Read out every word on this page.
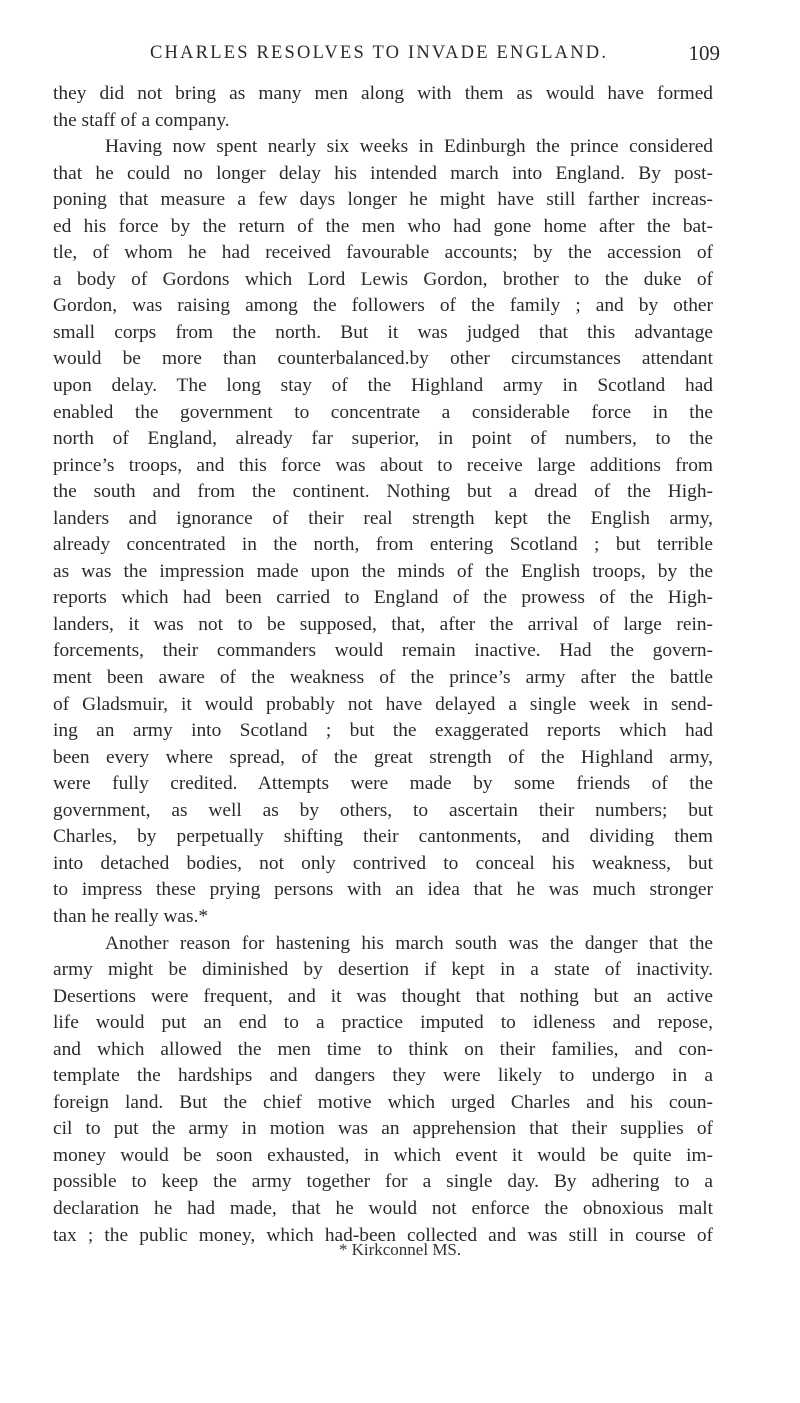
CHARLES RESOLVES TO INVADE ENGLAND.	109
they did not bring as many men along with them as would have formed
the staff of a company.
Having now spent nearly six weeks in Edinburgh the prince considered
that he could no longer delay his intended march into England. By post-
poning that measure a few days longer he might have still farther increas-
ed his force by the return of the men who had gone home after the bat-
tle, of whom he had received favourable accounts; by the accession of
a body of Gordons which Lord Lewis Gordon, brother to the duke of
Gordon, was raising among the followers of the family ; and by other
small corps from the north. But it was judged that this advantage
would be more than counterbalanced.by other circumstances attendant
upon delay. The long stay of the Highland army in Scotland had
enabled the government to concentrate a considerable force in the
north of England, already far superior, in point of numbers, to the
prince’s troops, and this force was about to receive large additions from
the south and from the continent. Nothing but a dread of the High-
landers and ignorance of their real strength kept the English army,
already concentrated in the north, from entering Scotland ; but terrible
as was the impression made upon the minds of the English troops, by the
reports which had been carried to England of the prowess of the High-
landers, it was not to be supposed, that, after the arrival of large rein-
forcements, their commanders would remain inactive. Had the govern-
ment been aware of the weakness of the prince’s army after the battle
of Gladsmuir, it would probably not have delayed a single week in send-
ing an army into Scotland ; but the exaggerated reports which had
been every where spread, of the great strength of the Highland army,
were fully credited. Attempts were made by some friends of the
government, as well as by others, to ascertain their numbers; but
Charles, by perpetually shifting their cantonments, and dividing them
into detached bodies, not only contrived to conceal his weakness, but
to impress these prying persons with an idea that he was much stronger
than he really was.*
Another reason for hastening his march south was the danger that the
army might be diminished by desertion if kept in a state of inactivity.
Desertions were frequent, and it was thought that nothing but an active
life would put an end to a practice imputed to idleness and repose,
and which allowed the men time to think on their families, and con-
template the hardships and dangers they were likely to undergo in a
foreign land. But the chief motive which urged Charles and his coun-
cil to put the army in motion was an apprehension that their supplies of
money would be soon exhausted, in which event it would be quite im-
possible to keep the army together for a single day. By adhering to a
declaration he had made, that he would not enforce the obnoxious malt
tax ; the public money, which had-been collected and was still in course of
* Kirkconnel MS.
